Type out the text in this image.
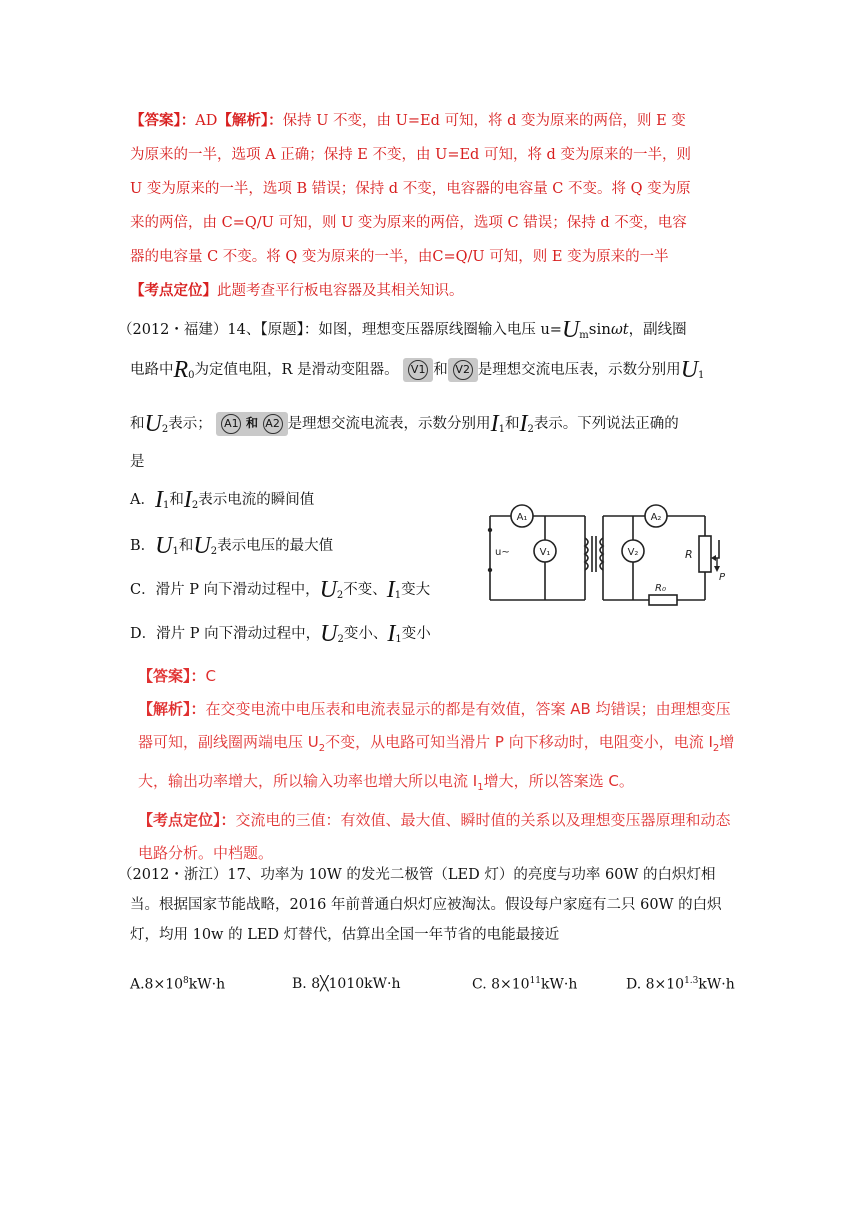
【答案】：AD【解析】：保持 U 不变，由 U=Ed 可知，将 d 变为原来的两倍，则 E 变
为原来的一半，选项 A 正确；保持 E 不变，由 U=Ed 可知，将 d 变为原来的一半，则
U 变为原来的一半，选项 B 错误；保持 d 不变，电容器的电容量 C 不变。将 Q 变为原
来的两倍，由 C=Q/U 可知，则 U 变为原来的两倍，选项 C 错误；保持 d 不变，电容
器的电容量 C 不变。将 Q 变为原来的一半，由C=Q/U 可知，则 E 变为原来的一半
【考点定位】此题考查平行板电容器及其相关知识。
（2012・福建）14、【原题】：如图，理想变压器原线圈输入电压 $u=U_m\sin\omega t$，副线圈
电路中$R_0$为定值电阻，R 是滑动变阻器。 V1 和 V2 是理想交流电压表，示数分别用$U_1$
和$U_2$表示； A1 和 A2 是理想交流电流表，示数分别用$I_1$和$I_2$表示。下列说法正确的
是
A．$I_1$和$I_2$表示电流的瞬间值
B．$U_1$和$U_2$表示电压的最大值
C．滑片 P 向下滑动过程中，$U_2$不变、$I_1$变大
D．滑片 P 向下滑动过程中，$U_2$变小、$I_1$变小
A₁	A₂
V₁	V₂
u~	R
R₀
P
【答案】：C
【解析】：在交变电流中电压表和电流表显示的都是有效值，答案 AB 均错误；由理想变压
器可知，副线圈两端电压 $U_2$不变，从电路可知当滑片 P 向下移动时，电阻变小，电流 $I_2$增
大，输出功率增大，所以输入功率也增大所以电流 $I_1$增大，所以答案选 C。
【考点定位】：交流电的三值：有效值、最大值、瞬时值的关系以及理想变压器原理和动态
电路分析。中档题。
（2012・浙江）17、功率为 10W 的发光二极管（LED 灯）的亮度与功率 60W 的白炽灯相
当。根据国家节能战略，2016 年前普通白炽灯应被淘汰。假设每户家庭有二只 60W 的白炽
灯，均用 10w 的 LED 灯替代，估算出全国一年节省的电能最接近
$A.8\times 10^8kW\cdot h$	B. 8╳1010kW·h	C. $8\times 10^{11}kW\cdot h$	D. $8\times 10^{1.3}kW\cdot h$
